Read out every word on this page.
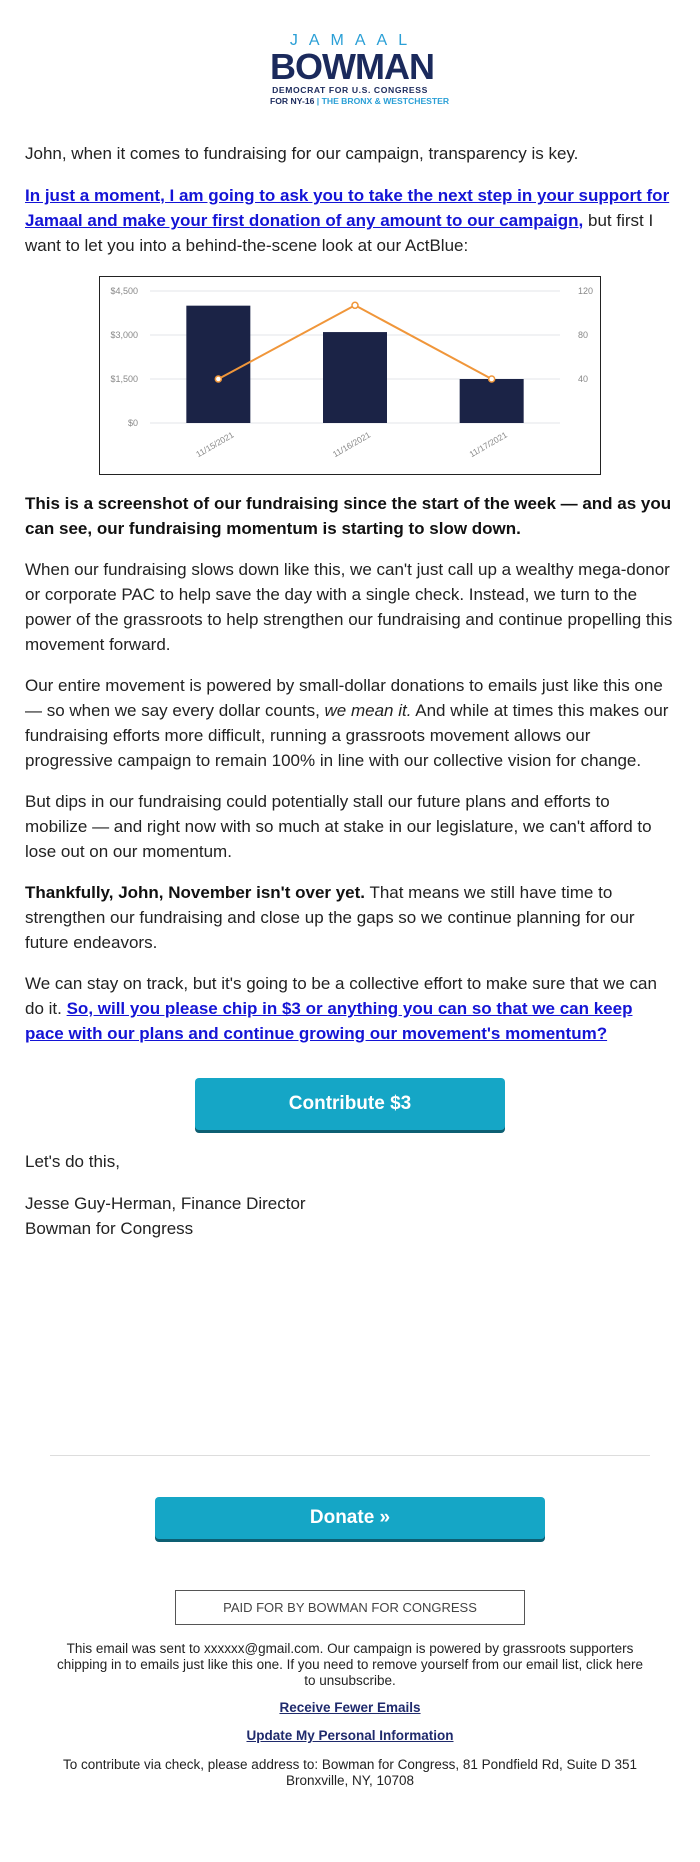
JAMAAL
BOWMAN
DEMOCRAT FOR U.S. CONGRESS
FOR NY-16 | THE BRONX & WESTCHESTER

John, when it comes to fundraising for our campaign, transparency is key.

In just a moment, I am going to ask you to take the next step in your support for Jamaal and make your first donation of any amount to our campaign, but first I want to let you into a behind-the-scene look at our ActBlue:

$0
$1,500
$3,000
$4,500
40
80
120
11/15/2021	11/16/2021	11/17/2021

This is a screenshot of our fundraising since the start of the week — and as you can see, our fundraising momentum is starting to slow down.

When our fundraising slows down like this, we can't just call up a wealthy mega-donor or corporate PAC to help save the day with a single check. Instead, we turn to the power of the grassroots to help strengthen our fundraising and continue propelling this movement forward.

Our entire movement is powered by small-dollar donations to emails just like this one — so when we say every dollar counts, we mean it. And while at times this makes our fundraising efforts more difficult, running a grassroots movement allows our progressive campaign to remain 100% in line with our collective vision for change.

But dips in our fundraising could potentially stall our future plans and efforts to mobilize — and right now with so much at stake in our legislature, we can't afford to lose out on our momentum.

Thankfully, John, November isn't over yet. That means we still have time to strengthen our fundraising and close up the gaps so we continue planning for our future endeavors.

We can stay on track, but it's going to be a collective effort to make sure that we can do it. So, will you please chip in $3 or anything you can so that we can keep pace with our plans and continue growing our movement's momentum?

Contribute $3

Let's do this,

Jesse Guy-Herman, Finance Director
Bowman for Congress

Donate »
PAID FOR BY BOWMAN FOR CONGRESS

This email was sent to xxxxxx@gmail.com. Our campaign is powered by grassroots supporters chipping in to emails just like this one. If you need to remove yourself from our email list, click here to unsubscribe.

Receive Fewer Emails
Update My Personal Information

To contribute via check, please address to: Bowman for Congress, 81 Pondfield Rd, Suite D 351 Bronxville, NY, 10708
